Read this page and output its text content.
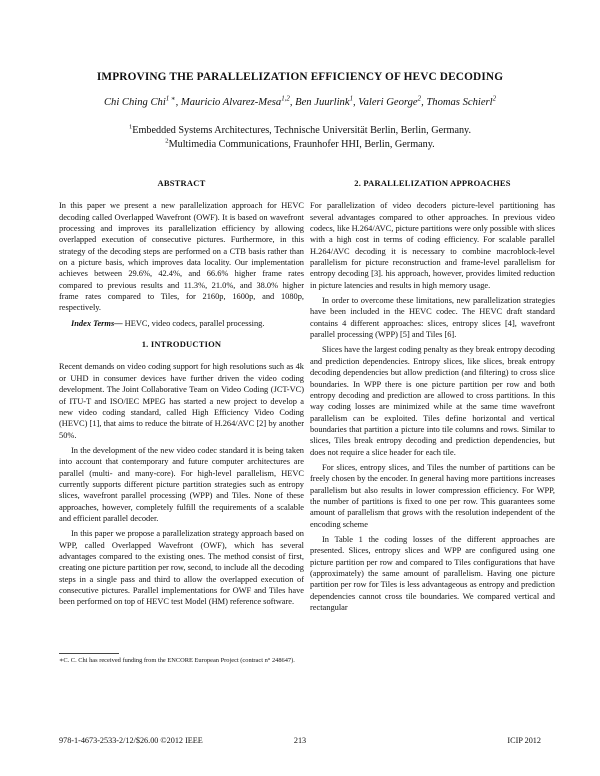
IMPROVING THE PARALLELIZATION EFFICIENCY OF HEVC DECODING
Chi Ching Chi$^{1 ∗}$, Mauricio Alvarez-Mesa$^{1,2}$, Ben Juurlink$^1$, Valeri George$^2$, Thomas Schierl$^2$
$^1$Embedded Systems Architectures, Technische Universität Berlin, Berlin, Germany.
$^2$Multimedia Communications, Fraunhofer HHI, Berlin, Germany.
ABSTRACT

In this paper we present a new parallelization approach for HEVC decoding called Overlapped Wavefront (OWF). It is based on wavefront processing and improves its parallelization efficiency by allowing overlapped execution of consecutive pictures. Furthermore, in this strategy of the decoding steps are performed on a CTB basis rather than on a picture basis, which improves data locality. Our implementation achieves between 29.6%, 42.4%, and 66.6% higher frame rates compared to previous results and 11.3%, 21.0%, and 38.0% higher frame rates compared to Tiles, for 2160p, 1600p, and 1080p, respectively.

Index Terms— HEVC, video codecs, parallel processing.

1. INTRODUCTION

Recent demands on video coding support for high resolutions such as 4k or UHD in consumer devices have further driven the video coding development. The Joint Collaborative Team on Video Coding (JCT-VC) of ITU-T and ISO/IEC MPEG has started a new project to develop a new video coding standard, called High Efficiency Video Coding (HEVC) [1], that aims to reduce the bitrate of H.264/AVC [2] by another 50%.

In the development of the new video codec standard it is being taken into account that contemporary and future computer architectures are parallel (multi- and many-core). For high-level parallelism, HEVC currently supports different picture partition strategies such as entropy slices, wavefront parallel processing (WPP) and Tiles. None of these approaches, however, completely fulfill the requirements of a scalable and efficient parallel decoder.

In this paper we propose a parallelization strategy approach based on WPP, called Overlapped Wavefront (OWF), which has several advantages compared to the existing ones. The method consist of first, creating one picture partition per row, second, to include all the decoding steps in a single pass and third to allow the overlapped execution of consecutive pictures. Parallel implementations for OWF and Tiles have been performed on top of HEVC test Model (HM) reference software.

∗C. C. Chi has received funding from the ENCORE European Project (contract n° 248647).
2. PARALLELIZATION APPROACHES

For parallelization of video decoders picture-level partitioning has several advantages compared to other approaches. In previous video codecs, like H.264/AVC, picture partitions were only possible with slices with a high cost in terms of coding efficiency. For scalable parallel H.264/AVC decoding it is necessary to combine macroblock-level parallelism for picture reconstruction and frame-level parallelism for entropy decoding [3]. his approach, however, provides limited reduction in picture latencies and results in high memory usage.

In order to overcome these limitations, new parallelization strategies have been included in the HEVC codec. The HEVC draft standard contains 4 different approaches: slices, entropy slices [4], wavefront parallel processing (WPP) [5] and Tiles [6].

Slices have the largest coding penalty as they break entropy decoding and prediction dependencies. Entropy slices, like slices, break entropy decoding dependencies but allow prediction (and filtering) to cross slice boundaries. In WPP there is one picture partition per row and both entropy decoding and prediction are allowed to cross partitions. In this way coding losses are minimized while at the same time wavefront parallelism can be exploited. Tiles define horizontal and vertical boundaries that partition a picture into tile columns and rows. Similar to slices, Tiles break entropy decoding and prediction dependencies, but does not require a slice header for each tile.

For slices, entropy slices, and Tiles the number of partitions can be freely chosen by the encoder. In general having more partitions increases parallelism but also results in lower compression efficiency. For WPP, the number of partitions is fixed to one per row. This guarantees some amount of parallelism that grows with the resolution independent of the encoding scheme

In Table 1 the coding losses of the different approaches are presented. Slices, entropy slices and WPP are configured using one picture partition per row and compared to Tiles configurations that have (approximately) the same amount of parallelism. Having one picture partition per row for Tiles is less advantageous as entropy and prediction dependencies cannot cross tile boundaries. We compared vertical and rectangular

978-1-4673-2533-2/12/$26.00 ©2012 IEEE	213	ICIP 2012
